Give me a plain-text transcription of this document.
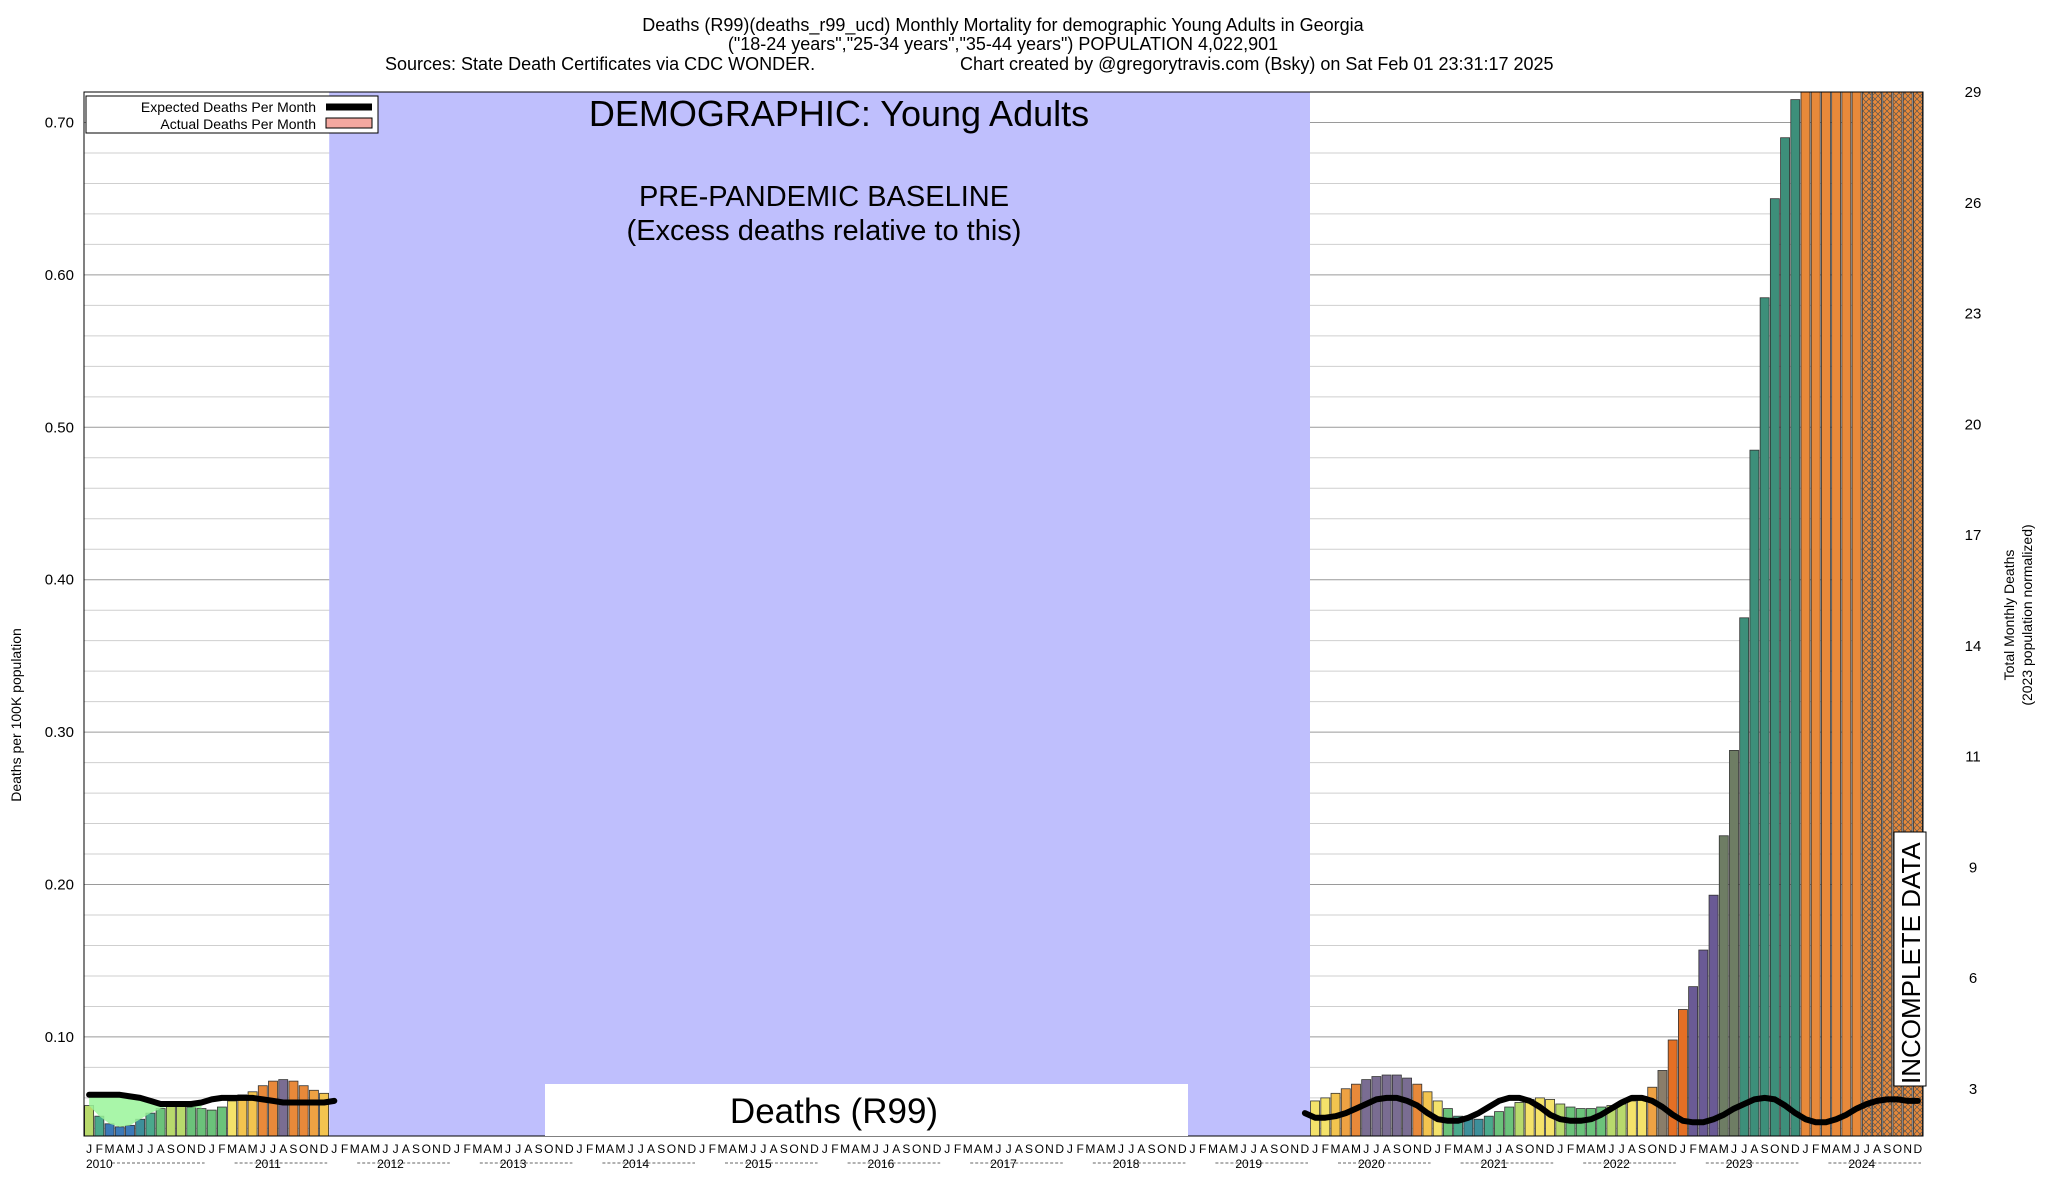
Deaths (R99)(deaths_r99_ucd) Monthly Mortality for demographic Young Adults in Georgia
("18-24 years","25-34 years","35-44 years") POPULATION 4,022,901
Sources: State Death Certificates via CDC WONDER.	Chart created by @gregorytravis.com (Bsky) on Sat Feb 01 23:31:17 2025
DEMOGRAPHIC: Young Adults
PRE-PANDEMIC BASELINE
(Excess deaths relative to this)
Deaths (R99)
INCOMPLETE DATA
Expected Deaths Per Month
Actual Deaths Per Month
Deaths per 100K population
Total Monthly Deaths (2023 population normalized)
0.10
0.20
0.30
0.40
0.50
0.60
0.70
3
6
9
11
14
17
20
23
26
29
J F M A M J J A S O N D J F M A M J J A S O N D J F M A M J J A S O N D J F M A M J J A S O N D J F M A M J J A S O N D J F M A M J J A S O N D J F M A M J J A S O N D J F M A M J J A S O N D J F M A M J J A S O N D J F M A M J J A S O N D J F M A M J J A S O N D J F M A M J J A S O N D J F M A M J J A S O N D J F M A M J J A S O N D J F M A M J J A S O N D
2010	2011	2012	2013	2014	2015	2016	2017	2018	2019	2020	2021	2022	2023	2024
